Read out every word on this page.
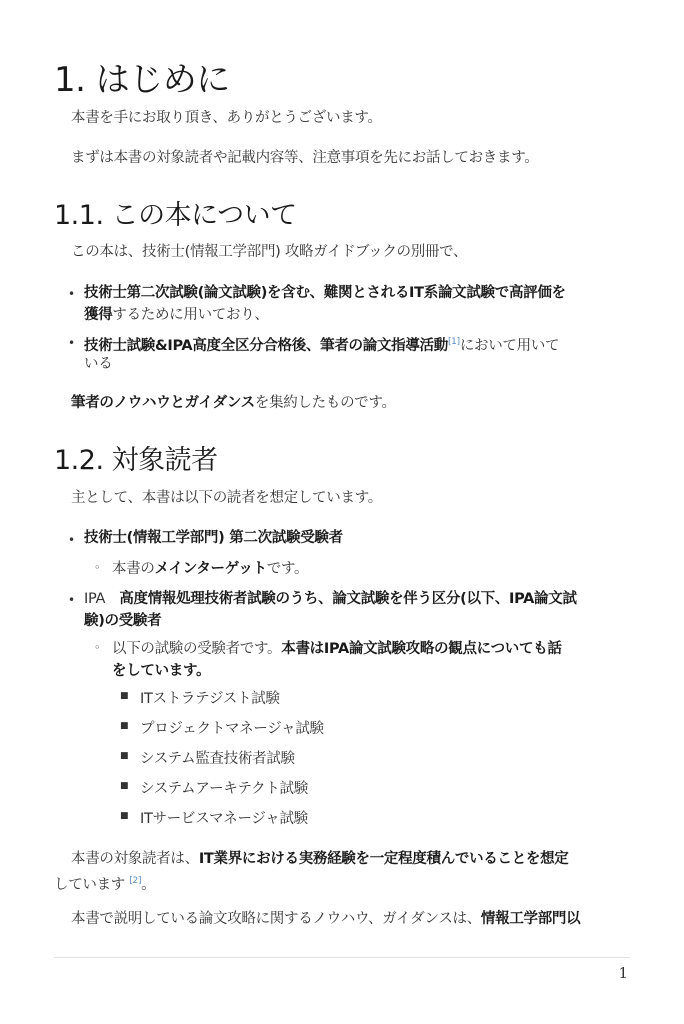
1. はじめに
本書を手にお取り頂き、ありがとうございます。
まずは本書の対象読者や記載内容等、注意事項を先にお話しておきます。
1.1. この本について
この本は、技術士(情報工学部門) 攻略ガイドブックの別冊で、
• 技術士第二次試験(論文試験)を含む、難関とされるIT系論文試験で高評価を
獲得するために用いており、
• 技術士試験&IPA高度全区分合格後、筆者の論文指導活動[1]において用いて
いる
筆者のノウハウとガイダンスを集約したものです。
1.2. 対象読者
主として、本書は以下の読者を想定しています。
• 技術士(情報工学部門) 第二次試験受験者
◦ 本書のメインターゲットです。
• IPA　高度情報処理技術者試験のうち、論文試験を伴う区分(以下、IPA論文試
験)の受験者
◦ 以下の試験の受験者です。本書はIPA論文試験攻略の観点についても話
をしています。
■ ITストラテジスト試験
■ プロジェクトマネージャ試験
■ システム監査技術者試験
■ システムアーキテクト試験
■ ITサービスマネージャ試験
本書の対象読者は、IT業界における実務経験を一定程度積んでいることを想定
しています [2]。
本書で説明している論文攻略に関するノウハウ、ガイダンスは、情報工学部門以
1
